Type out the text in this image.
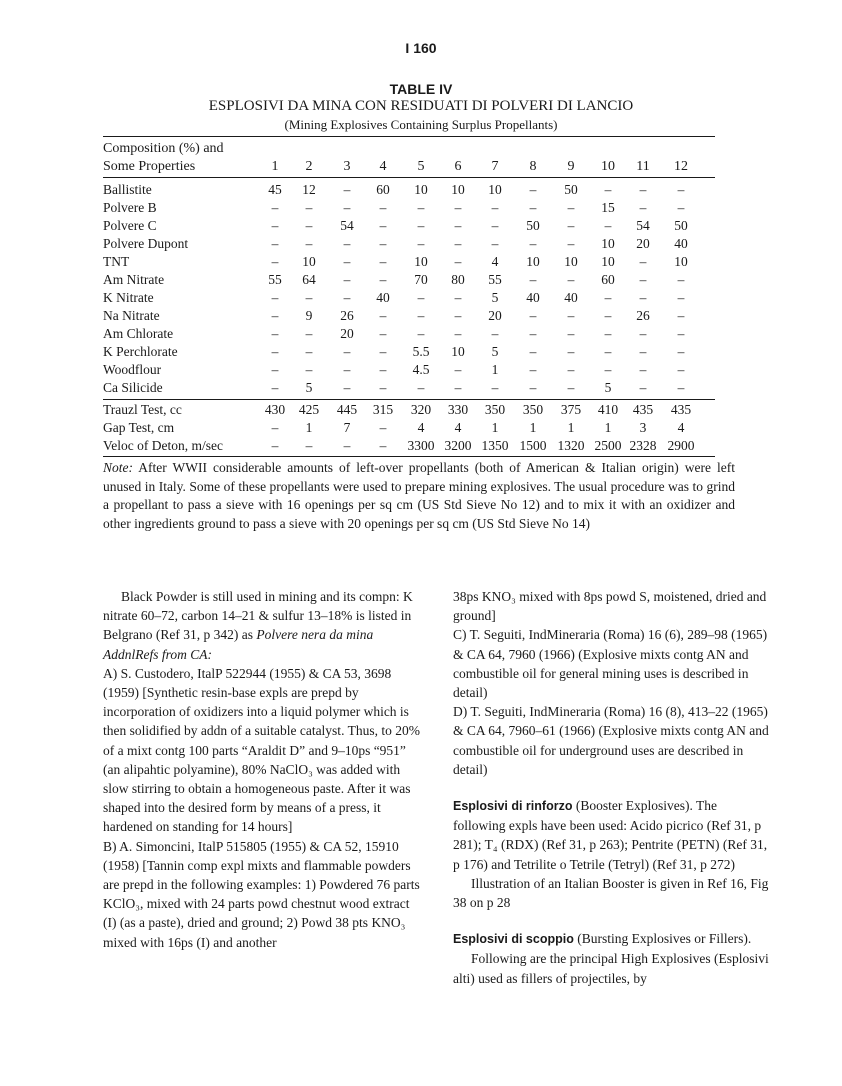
I 160
TABLE IV
ESPLOSIVI DA MINA CON RESIDUATI DI POLVERI DI LANCIO
(Mining Explosives Containing Surplus Propellants)
Composition (%) and
Some Properties	1	2	3	4	5	6	7	8	9	10	11	12
Ballistite	45	12	–	60	10	10	10	–	50	–	–	–
Polvere B	–	–	–	–	–	–	–	–	–	15	–	–
Polvere C	–	–	54	–	–	–	–	50	–	–	54	50
Polvere Dupont	–	–	–	–	–	–	–	–	–	10	20	40
TNT	–	10	–	–	10	–	4	10	10	10	–	10
Am Nitrate	55	64	–	–	70	80	55	–	–	60	–	–
K Nitrate	–	–	–	40	–	–	5	40	40	–	–	–
Na Nitrate	–	9	26	–	–	–	20	–	–	–	26	–
Am Chlorate	–	–	20	–	–	–	–	–	–	–	–	–
K Perchlorate	–	–	–	–	5.5	10	5	–	–	–	–	–
Woodflour	–	–	–	–	4.5	–	1	–	–	–	–	–
Ca Silicide	–	5	–	–	–	–	–	–	–	5	–	–
Trauzl Test, cc	430	425	445	315	320	330	350	350	375	410	435	435
Gap Test, cm	–	1	7	–	4	4	1	1	1	1	3	4
Veloc of Deton, m/sec	–	–	–	–	3300 3200 1350 1500 1320 2500 2328 2900
Note: After WWII considerable amounts of left-over propellants (both of American & Italian origin) were left unused in Italy. Some of these propellants were used to prepare mining explosives. The usual procedure was to grind a propellant to pass a sieve with 16 openings per sq cm (US Std Sieve No 12) and to mix it with an oxidizer and other ingredients ground to pass a sieve with 20 openings per sq cm (US Std Sieve No 14)

Black Powder is still used in mining and its compn: K nitrate 60–72, carbon 14–21 & sulfur 13–18% is listed in Belgrano (Ref 31, p 342) as Polvere nera da mina

AddnlRefs from CA:

A) S. Custodero, ItalP 522944 (1955) & CA 53, 3698 (1959) [Synthetic resin-base expls are prepd by incorporation of oxidizers into a liquid polymer which is then solidified by addn of a suitable catalyst. Thus, to 20% of a mixt contg 100 parts “Araldit D” and 9–10ps “951” (an alipahtic polyamine), 80% NaClO₃ was added with slow stirring to obtain a homogeneous paste. After it was shaped into the desired form by means of a press, it hardened on standing for 14 hours]

B) A. Simoncini, ItalP 515805 (1955) & CA 52, 15910 (1958) [Tannin comp expl mixts and flammable powders are prepd in the following examples: 1) Powdered 76 parts KClO₃, mixed with 24 parts powd chestnut wood extract (I) (as a paste), dried and ground; 2) Powd 38 pts KNO₃ mixed with 16ps (I) and another

38ps KNO₃ mixed with 8ps powd S, moistened, dried and ground]

C) T. Seguiti, IndMineraria (Roma) 16 (6), 289–98 (1965) & CA 64, 7960 (1966) (Explosive mixts contg AN and combustible oil for general mining uses is described in detail)

D) T. Seguiti, IndMineraria (Roma) 16 (8), 413–22 (1965) & CA 64, 7960–61 (1966) (Explosive mixts contg AN and combustible oil for underground uses are described in detail)

Esplosivi di rinforzo (Booster Explosives). The following expls have been used: Acido picrico (Ref 31, p 281); T₄ (RDX) (Ref 31, p 263); Pentrite (PETN) (Ref 31, p 176) and Tetrilite o Tetrile (Tetryl) (Ref 31, p 272)

Illustration of an Italian Booster is given in Ref 16, Fig 38 on p 28

Esplosivi di scoppio (Bursting Explosives or Fillers).

Following are the principal High Explosives (Esplosivi alti) used as fillers of projectiles, by
